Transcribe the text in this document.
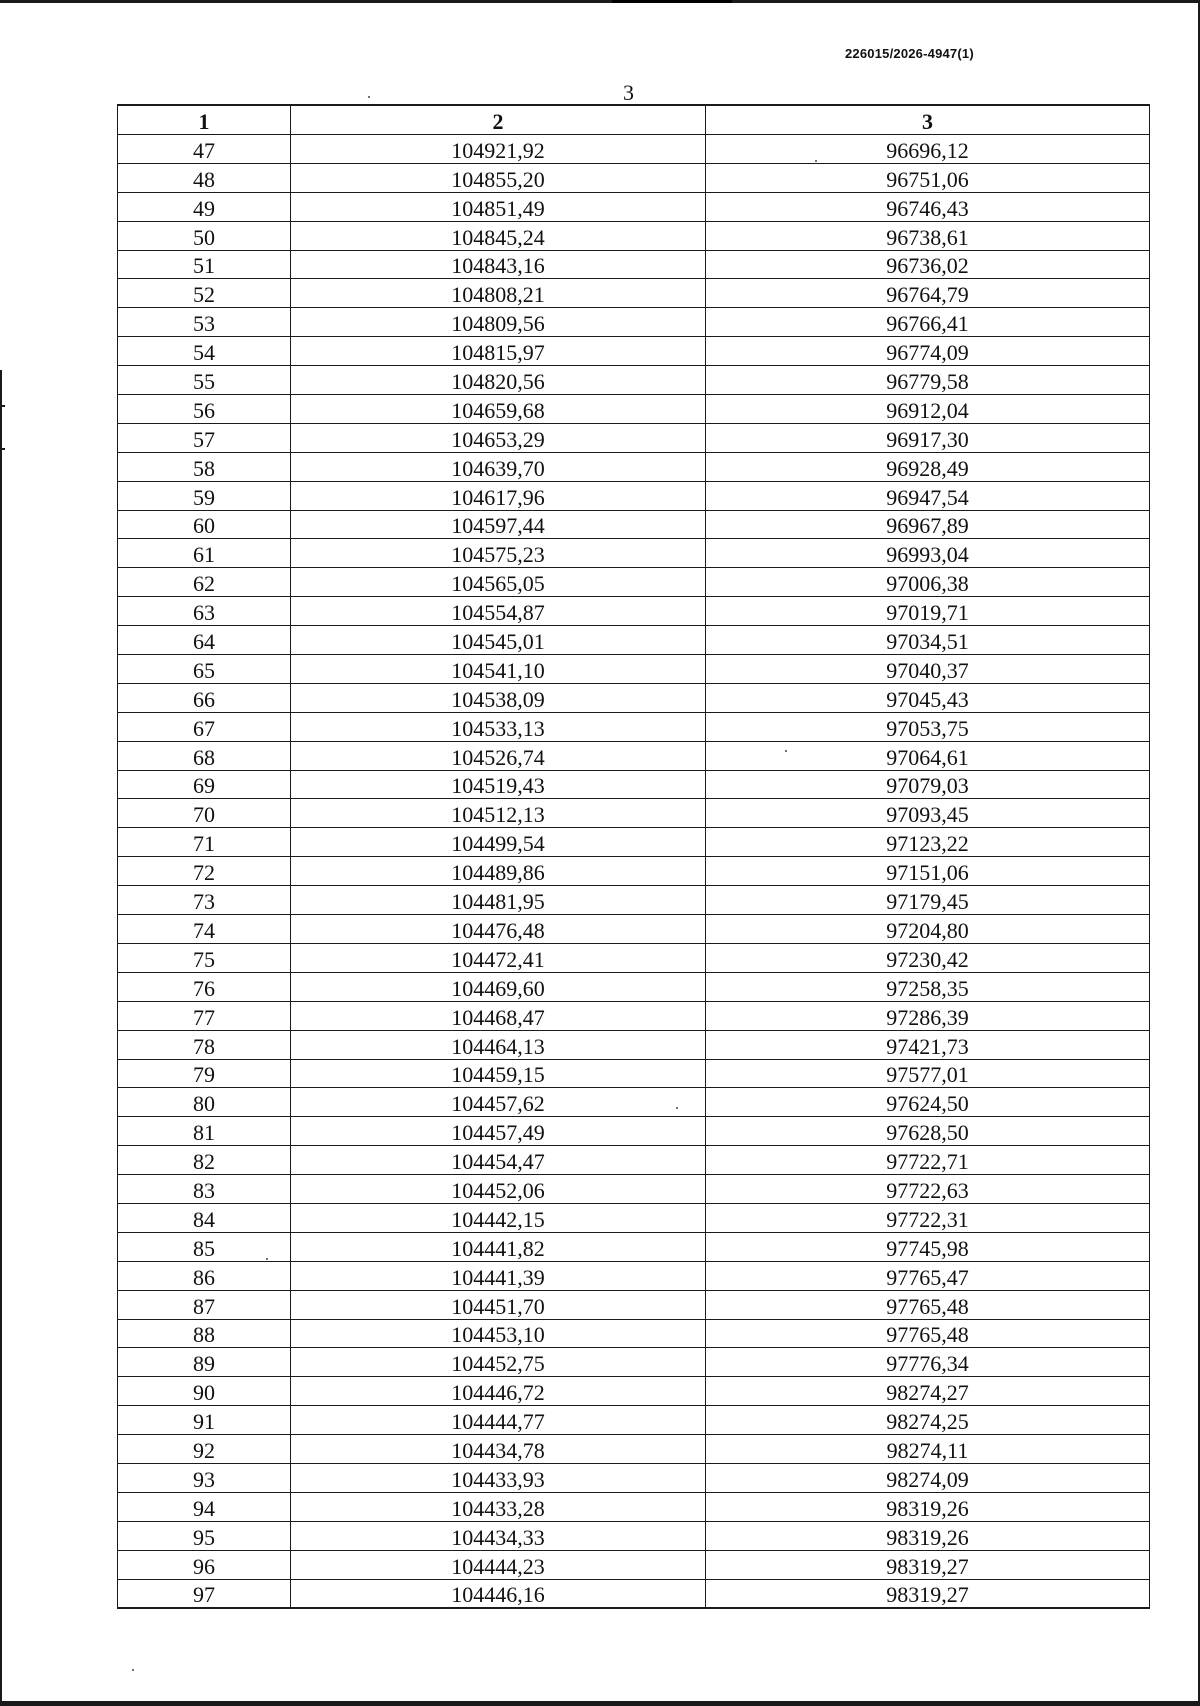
226015/2026-4947(1)
3
1	2	3
47	104921,92	96696,12
48	104855,20	96751,06
49	104851,49	96746,43
50	104845,24	96738,61
51	104843,16	96736,02
52	104808,21	96764,79
53	104809,56	96766,41
54	104815,97	96774,09
55	104820,56	96779,58
56	104659,68	96912,04
57	104653,29	96917,30
58	104639,70	96928,49
59	104617,96	96947,54
60	104597,44	96967,89
61	104575,23	96993,04
62	104565,05	97006,38
63	104554,87	97019,71
64	104545,01	97034,51
65	104541,10	97040,37
66	104538,09	97045,43
67	104533,13	97053,75
68	104526,74	97064,61
69	104519,43	97079,03
70	104512,13	97093,45
71	104499,54	97123,22
72	104489,86	97151,06
73	104481,95	97179,45
74	104476,48	97204,80
75	104472,41	97230,42
76	104469,60	97258,35
77	104468,47	97286,39
78	104464,13	97421,73
79	104459,15	97577,01
80	104457,62	97624,50
81	104457,49	97628,50
82	104454,47	97722,71
83	104452,06	97722,63
84	104442,15	97722,31
85	104441,82	97745,98
86	104441,39	97765,47
87	104451,70	97765,48
88	104453,10	97765,48
89	104452,75	97776,34
90	104446,72	98274,27
91	104444,77	98274,25
92	104434,78	98274,11
93	104433,93	98274,09
94	104433,28	98319,26
95	104434,33	98319,26
96	104444,23	98319,27
97	104446,16	98319,27
